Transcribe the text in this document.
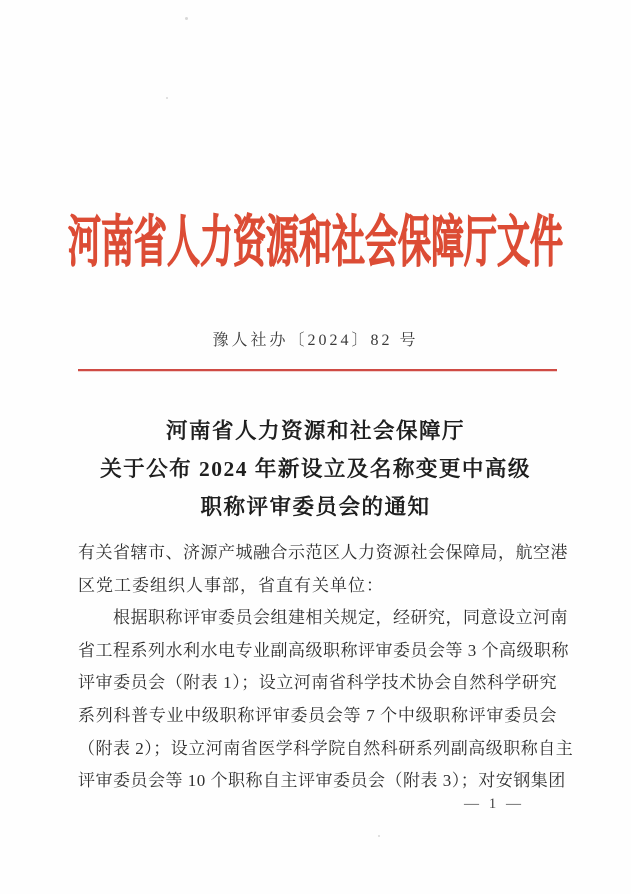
河南省人力资源和社会保障厅文件
豫人社办〔2024〕82 号
河南省人力资源和社会保障厅
关于公布 2024 年新设立及名称变更中高级
职称评审委员会的通知
有关省辖市、济源产城融合示范区人力资源社会保障局，航空港
区党工委组织人事部，省直有关单位：
根据职称评审委员会组建相关规定，经研究，同意设立河南
省工程系列水利水电专业副高级职称评审委员会等 3 个高级职称
评审委员会（附表 1）；设立河南省科学技术协会自然科学研究
系列科普专业中级职称评审委员会等 7 个中级职称评审委员会
（附表 2）；设立河南省医学科学院自然科研系列副高级职称自主
评审委员会等 10 个职称自主评审委员会（附表 3）；对安钢集团
— 1 —
